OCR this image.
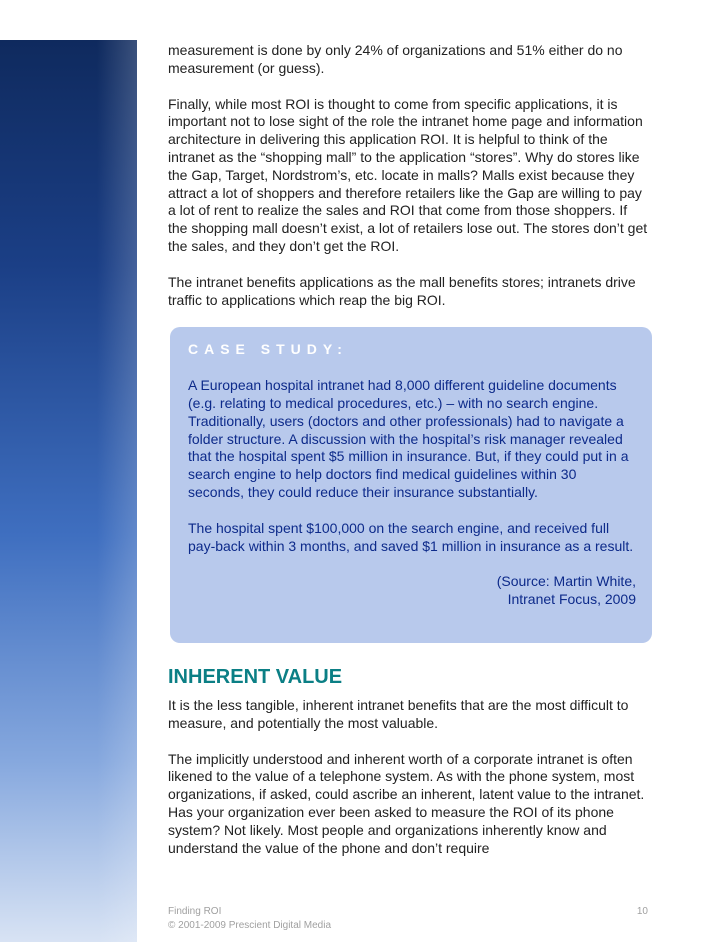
measurement is done by only 24% of organizations and 51% either do no measurement (or guess).

Finally, while most ROI is thought to come from specific applications, it is important not to lose sight of the role the intranet home page and information architecture in delivering this application ROI. It is helpful to think of the intranet as the “shopping mall” to the application “stores”. Why do stores like the Gap, Target, Nordstrom’s, etc. locate in malls? Malls exist because they attract a lot of shoppers and therefore retailers like the Gap are willing to pay a lot of rent to realize the sales and ROI that come from those shoppers. If the shopping mall doesn’t exist, a lot of retailers lose out. The stores don’t get the sales, and they don’t get the ROI.

The intranet benefits applications as the mall benefits stores; intranets drive traffic to applications which reap the big ROI.

CASE STUDY:

A European hospital intranet had 8,000 different guideline documents (e.g. relating to medical procedures, etc.) – with no search engine. Traditionally, users (doctors and other professionals) had to navigate a folder structure. A discussion with the hospital’s risk manager revealed that the hospital spent $5 million in insurance. But, if they could put in a search engine to help doctors find medical guidelines within 30 seconds, they could reduce their insurance substantially.

The hospital spent $100,000 on the search engine, and received full pay-back within 3 months, and saved $1 million in insurance as a result.

(Source: Martin White,
Intranet Focus, 2009

INHERENT VALUE

It is the less tangible, inherent intranet benefits that are the most difficult to measure, and potentially the most valuable.

The implicitly understood and inherent worth of a corporate intranet is often likened to the value of a telephone system. As with the phone system, most organizations, if asked, could ascribe an inherent, latent value to the intranet. Has your organization ever been asked to measure the ROI of its phone system? Not likely. Most people and organizations inherently know and understand the value of the phone and don’t require

Finding ROI
© 2001-2009 Prescient Digital Media
10
